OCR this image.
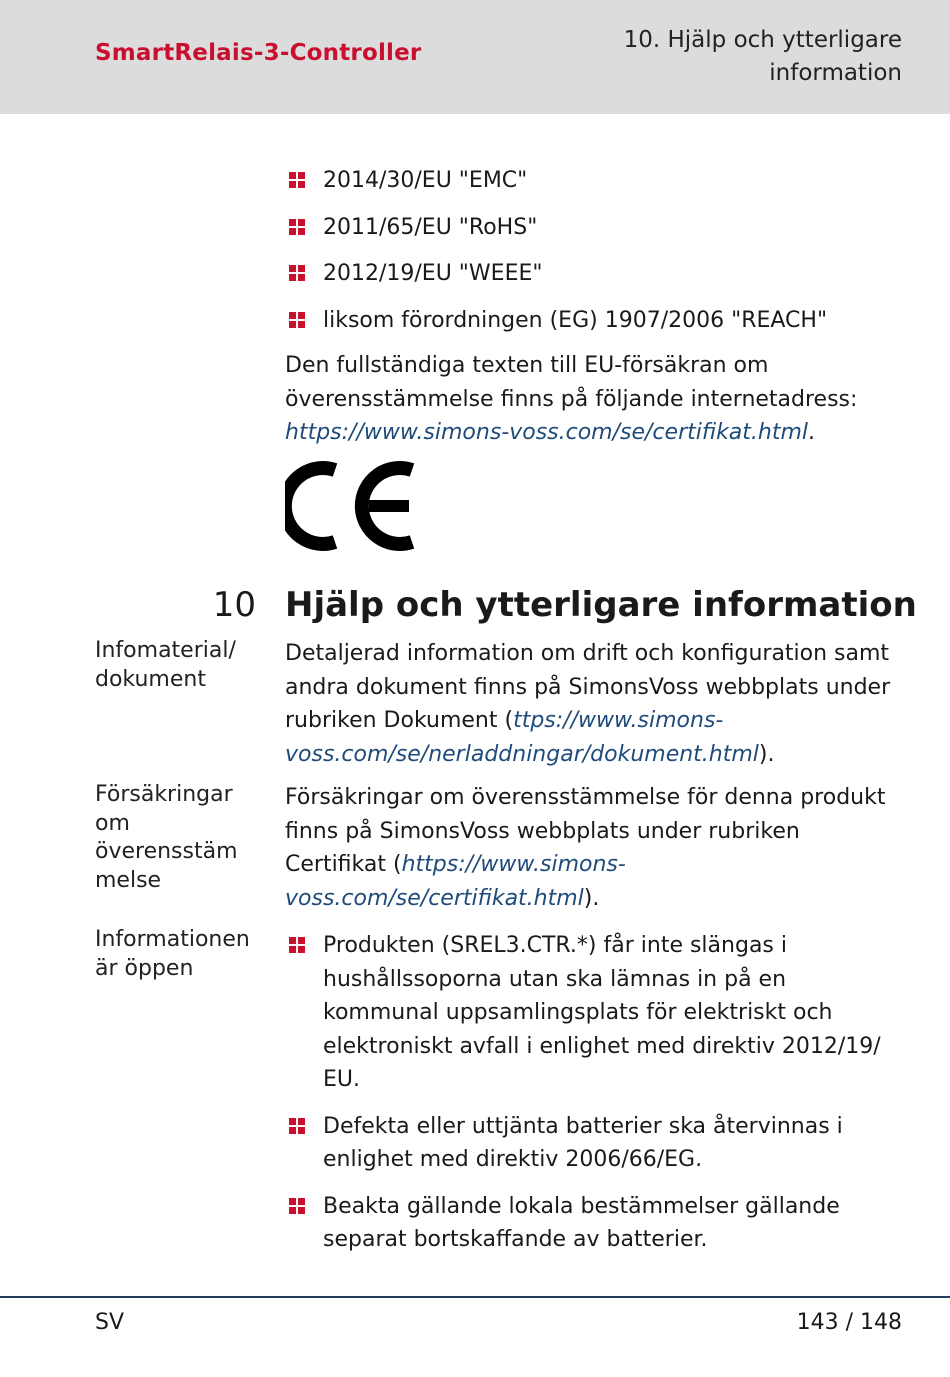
SmartRelais-3-Controller	10. Hjälp och ytterligare information
2014/30/EU "EMC"
2011/65/EU "RoHS"
2012/19/EU "WEEE"
liksom förordningen (EG) 1907/2006 "REACH"

Den fullständiga texten till EU-försäkran om överensstämmelse finns på följande internetadress: https://www.simons-voss.com/se/certifikat.html.

10 Hjälp och ytterligare information
Infomaterial/ dokument

Detaljerad information om drift och konfiguration samt andra dokument finns på SimonsVoss webbplats under rubriken Dokument (ttps://www.simons-voss.com/se/nerladdningar/dokument.html).

Försäkringar om överensstäm melse

Försäkringar om överensstämmelse för denna produkt finns på SimonsVoss webbplats under rubriken Certifikat (https://www.simons-voss.com/se/certifikat.html).

Informationen är öppen
Produkten (SREL3.CTR.*) får inte slängas i hushållssoporna utan ska lämnas in på en kommunal uppsamlingsplats för elektriskt och elektroniskt avfall i enlighet med direktiv 2012/19/ EU.
Defekta eller uttjänta batterier ska återvinnas i enlighet med direktiv 2006/66/EG.
Beakta gällande lokala bestämmelser gällande separat bortskaffande av batterier.
SV	143 / 148
